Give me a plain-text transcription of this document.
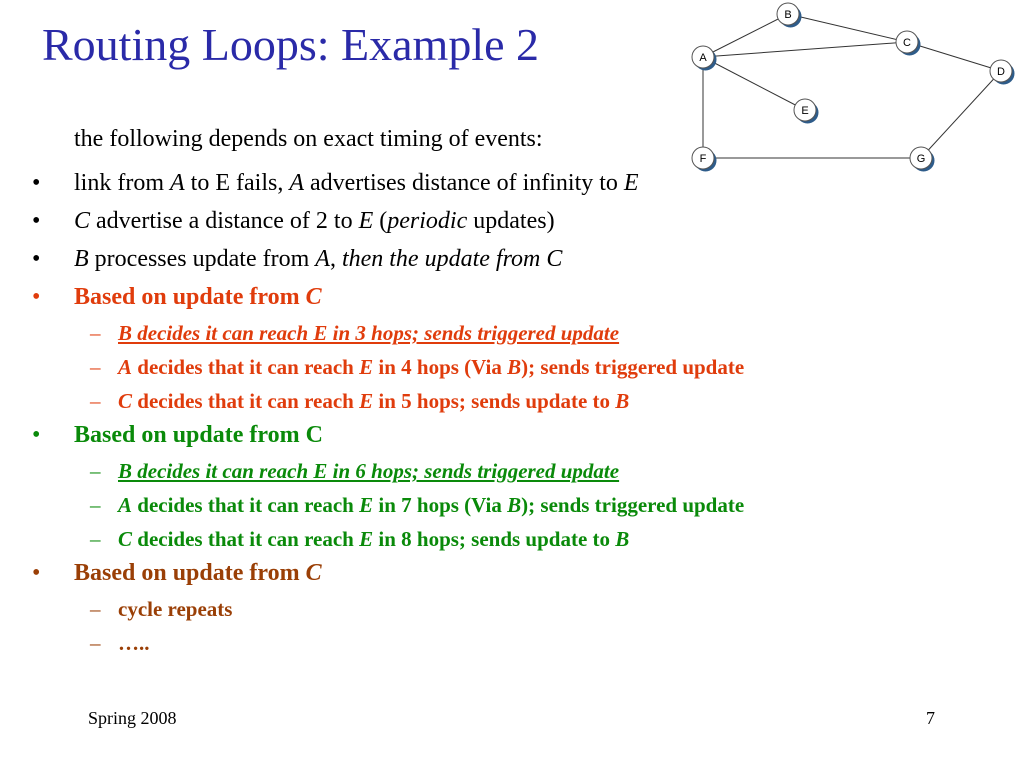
Routing Loops: Example 2
B
C
A
D
E
F	G
the following depends on exact timing of events:
• link from A to E fails, A advertises distance of infinity to E
• C advertise a distance of 2 to E (periodic updates)
• B processes update from A, then the update from C
• Based on update from C
– B decides it can reach E in 3 hops; sends triggered update
– A decides that it can reach E in 4 hops (Via B); sends triggered update
– C decides that it can reach E in 5 hops; sends update to B
• Based on update from C
– B decides it can reach E in 6 hops; sends triggered update
– A decides that it can reach E in 7 hops (Via B); sends triggered update
– C decides that it can reach E in 8 hops; sends update to B
• Based on update from C
– cycle repeats
– …..
Spring 2008	7
